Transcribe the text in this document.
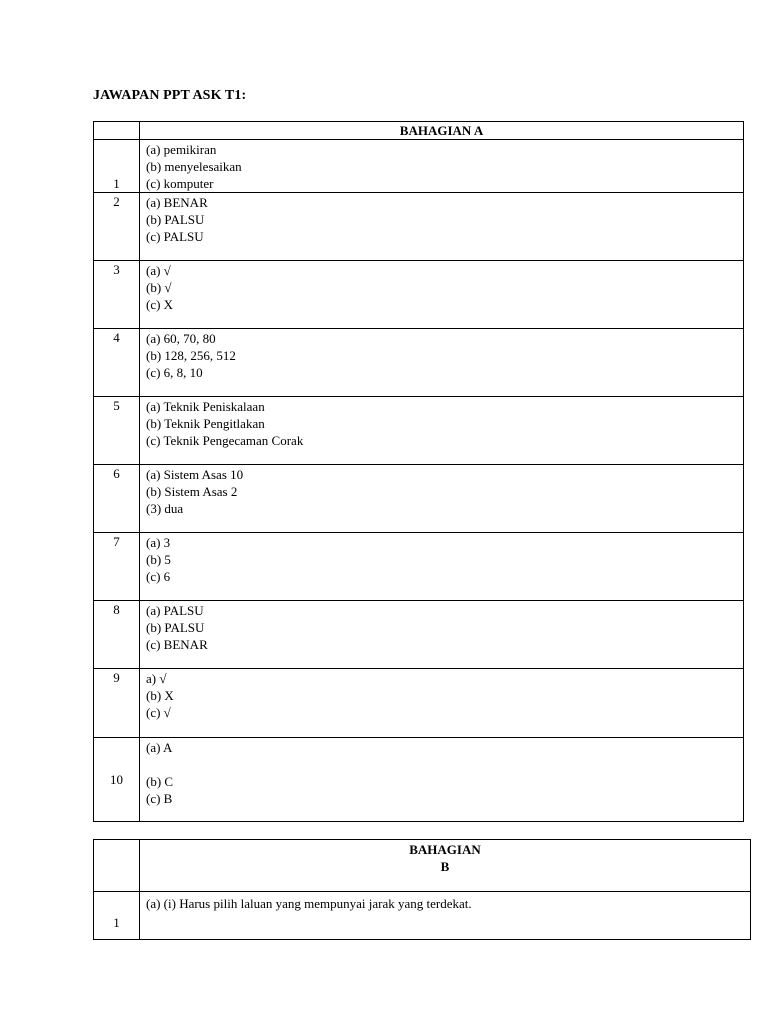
JAWAPAN PPT ASK T1:
	BAHAGIAN A
1	(a) pemikiran
(b) menyelesaikan
(c) komputer

2	(a) BENAR
(b) PALSU
(c) PALSU

3	(a) √
(b) √
(c) X

4	(a) 60, 70, 80
(b) 128, 256, 512
(c) 6, 8, 10

5	(a) Teknik Peniskalaan
(b) Teknik Pengitlakan
(c) Teknik Pengecaman Corak

6	(a) Sistem Asas 10
(b) Sistem Asas 2
(3) dua

7	(a) 3
(b) 5
(c) 6

8	(a) PALSU
(b) PALSU
(c) BENAR

9	a) √
(b) X
(c) √

10	(a) A

(b) C
(c) B

	BAHAGIAN
B

1	(a) (i) Harus pilih laluan yang mempunyai jarak yang terdekat.
